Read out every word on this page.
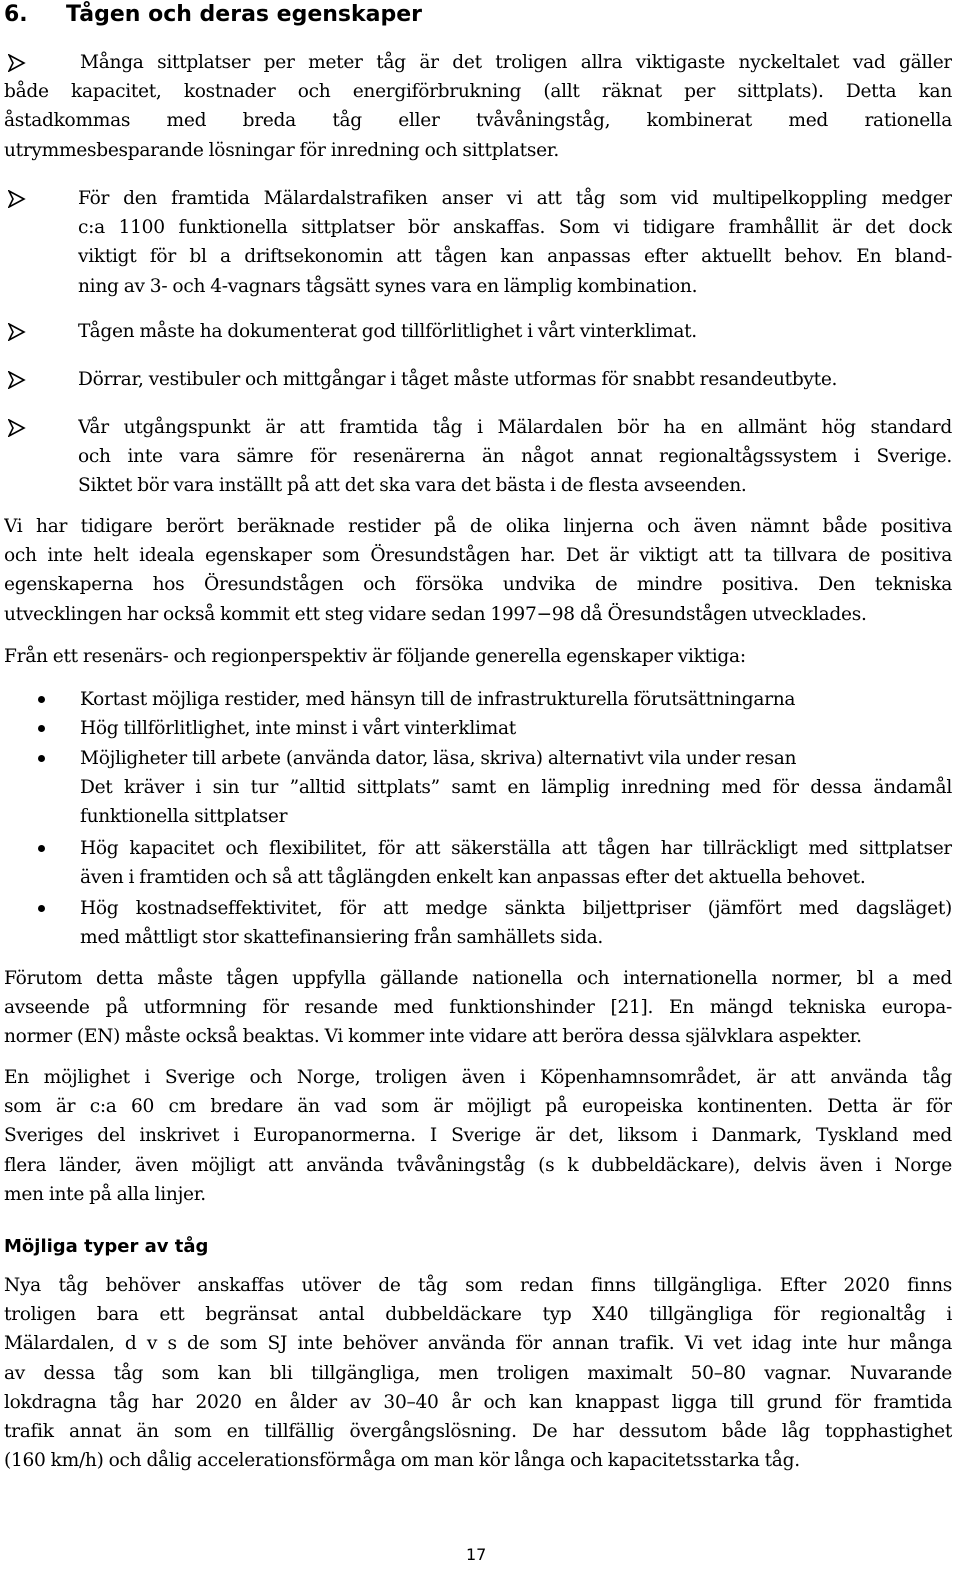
6. Tågen och deras egenskaper
Många sittplatser per meter tåg är det troligen allra viktigaste nyckeltalet vad gäller
både kapacitet, kostnader och energiförbrukning (allt räknat per sittplats). Detta kan
åstadkommas med breda tåg eller tvåvåningståg, kombinerat med rationella
utrymmesbesparande lösningar för inredning och sittplatser.
För den framtida Mälardalstrafiken anser vi att tåg som vid multipelkoppling medger
c:a 1100 funktionella sittplatser bör anskaffas. Som vi tidigare framhållit är det dock
viktigt för bl a driftsekonomin att tågen kan anpassas efter aktuellt behov. En bland-
ning av 3- och 4-vagnars tågsätt synes vara en lämplig kombination.
Tågen måste ha dokumenterat god tillförlitlighet i vårt vinterklimat.
Dörrar, vestibuler och mittgångar i tåget måste utformas för snabbt resandeutbyte.
Vår utgångspunkt är att framtida tåg i Mälardalen bör ha en allmänt hög standard
och inte vara sämre för resenärerna än något annat regionaltågssystem i Sverige.
Siktet bör vara inställt på att det ska vara det bästa i de flesta avseenden.
Vi har tidigare berört beräknade restider på de olika linjerna och även nämnt både positiva
och inte helt ideala egenskaper som Öresundstågen har. Det är viktigt att ta tillvara de positiva
egenskaperna hos Öresundstågen och försöka undvika de mindre positiva. Den tekniska
utvecklingen har också kommit ett steg vidare sedan 1997−98 då Öresundstågen utvecklades.
Från ett resenärs- och regionperspektiv är följande generella egenskaper viktiga:
Kortast möjliga restider, med hänsyn till de infrastrukturella förutsättningarna
Hög tillförlitlighet, inte minst i vårt vinterklimat
Möjligheter till arbete (använda dator, läsa, skriva) alternativt vila under resan
Det kräver i sin tur ”alltid sittplats” samt en lämplig inredning med för dessa ändamål
funktionella sittplatser
Hög kapacitet och flexibilitet, för att säkerställa att tågen har tillräckligt med sittplatser
även i framtiden och så att tåglängden enkelt kan anpassas efter det aktuella behovet.
Hög kostnadseffektivitet, för att medge sänkta biljettpriser (jämfört med dagsläget)
med måttligt stor skattefinansiering från samhällets sida.
Förutom detta måste tågen uppfylla gällande nationella och internationella normer, bl a med
avseende på utformning för resande med funktionshinder [21]. En mängd tekniska europa-
normer (EN) måste också beaktas. Vi kommer inte vidare att beröra dessa självklara aspekter.
En möjlighet i Sverige och Norge, troligen även i Köpenhamnsområdet, är att använda tåg
som är c:a 60 cm bredare än vad som är möjligt på europeiska kontinenten. Detta är för
Sveriges del inskrivet i Europanormerna. I Sverige är det, liksom i Danmark, Tyskland med
flera länder, även möjligt att använda tvåvåningståg (s k dubbeldäckare), delvis även i Norge
men inte på alla linjer.
Möjliga typer av tåg
Nya tåg behöver anskaffas utöver de tåg som redan finns tillgängliga. Efter 2020 finns
troligen bara ett begränsat antal dubbeldäckare typ X40 tillgängliga för regionaltåg i
Mälardalen, d v s de som SJ inte behöver använda för annan trafik. Vi vet idag inte hur många
av dessa tåg som kan bli tillgängliga, men troligen maximalt 50–80 vagnar. Nuvarande
lokdragna tåg har 2020 en ålder av 30–40 år och kan knappast ligga till grund för framtida
trafik annat än som en tillfällig övergångslösning. De har dessutom både låg topphastighet
(160 km/h) och dålig accelerationsförmåga om man kör långa och kapacitetsstarka tåg.
17
